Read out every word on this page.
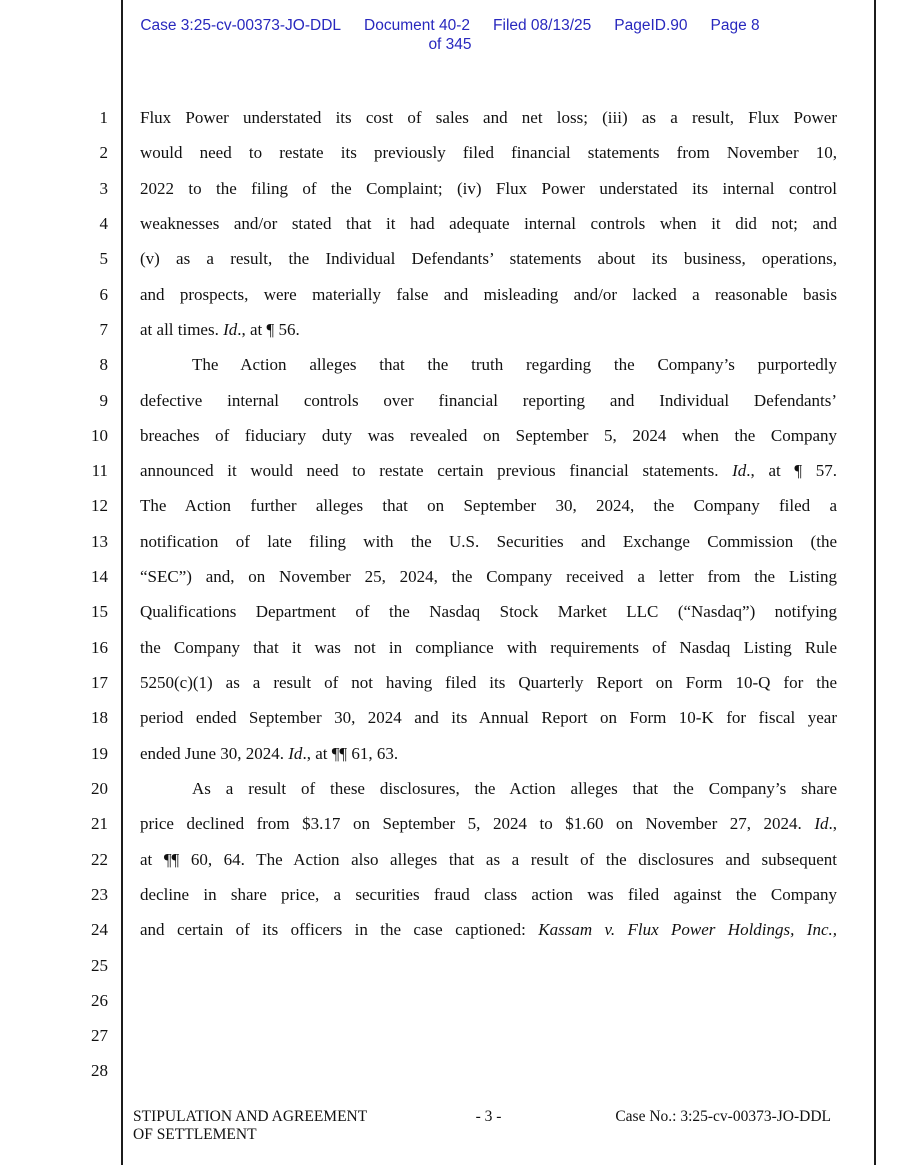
Case 3:25-cv-00373-JO-DDL Document 40-2 Filed 08/13/25 PageID.90 Page 8
of 345
1
2
3
4
5
6
7
8
9
10
11
12
13
14
15
16
17
18
19
20
21
22
23
24
25
26
27
28
Flux Power understated its cost of sales and net loss; (iii) as a result, Flux Power
would need to restate its previously filed financial statements from November 10,
2022 to the filing of the Complaint; (iv) Flux Power understated its internal control
weaknesses and/or stated that it had adequate internal controls when it did not; and
(v) as a result, the Individual Defendants’ statements about its business, operations,
and prospects, were materially false and misleading and/or lacked a reasonable basis
at all times. Id., at ¶ 56.
The Action alleges that the truth regarding the Company’s purportedly
defective internal controls over financial reporting and Individual Defendants’
breaches of fiduciary duty was revealed on September 5, 2024 when the Company
announced it would need to restate certain previous financial statements. Id., at ¶ 57.
The Action further alleges that on September 30, 2024, the Company filed a
notification of late filing with the U.S. Securities and Exchange Commission (the
“SEC”) and, on November 25, 2024, the Company received a letter from the Listing
Qualifications Department of the Nasdaq Stock Market LLC (“Nasdaq”) notifying
the Company that it was not in compliance with requirements of Nasdaq Listing Rule
5250(c)(1) as a result of not having filed its Quarterly Report on Form 10-Q for the
period ended September 30, 2024 and its Annual Report on Form 10-K for fiscal year
ended June 30, 2024. Id., at ¶¶ 61, 63.
As a result of these disclosures, the Action alleges that the Company’s share
price declined from $3.17 on September 5, 2024 to $1.60 on November 27, 2024. Id.,
at ¶¶ 60, 64. The Action also alleges that as a result of the disclosures and subsequent
decline in share price, a securities fraud class action was filed against the Company
and certain of its officers in the case captioned: Kassam v. Flux Power Holdings, Inc.,
STIPULATION AND AGREEMENT
OF SETTLEMENT
- 3 -	Case No.: 3:25-cv-00373-JO-DDL
